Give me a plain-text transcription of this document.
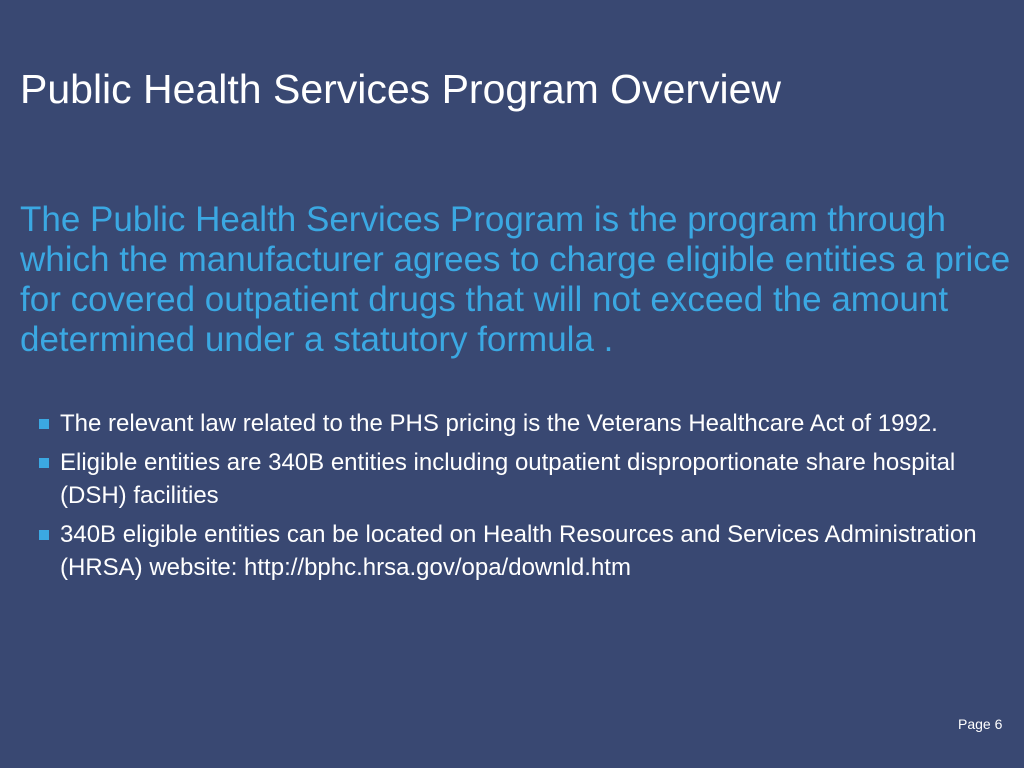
Public Health Services Program Overview

The Public Health Services Program is the program through which the manufacturer agrees to charge eligible entities a price for covered outpatient drugs that will not exceed the amount determined under a statutory formula .

The relevant law related to the PHS pricing is the Veterans Healthcare Act of 1992.
Eligible entities are 340B entities including outpatient disproportionate share hospital (DSH) facilities
340B eligible entities can be located on Health Resources and Services Administration (HRSA) website: http://bphc.hrsa.gov/opa/downld.htm
Page 6
